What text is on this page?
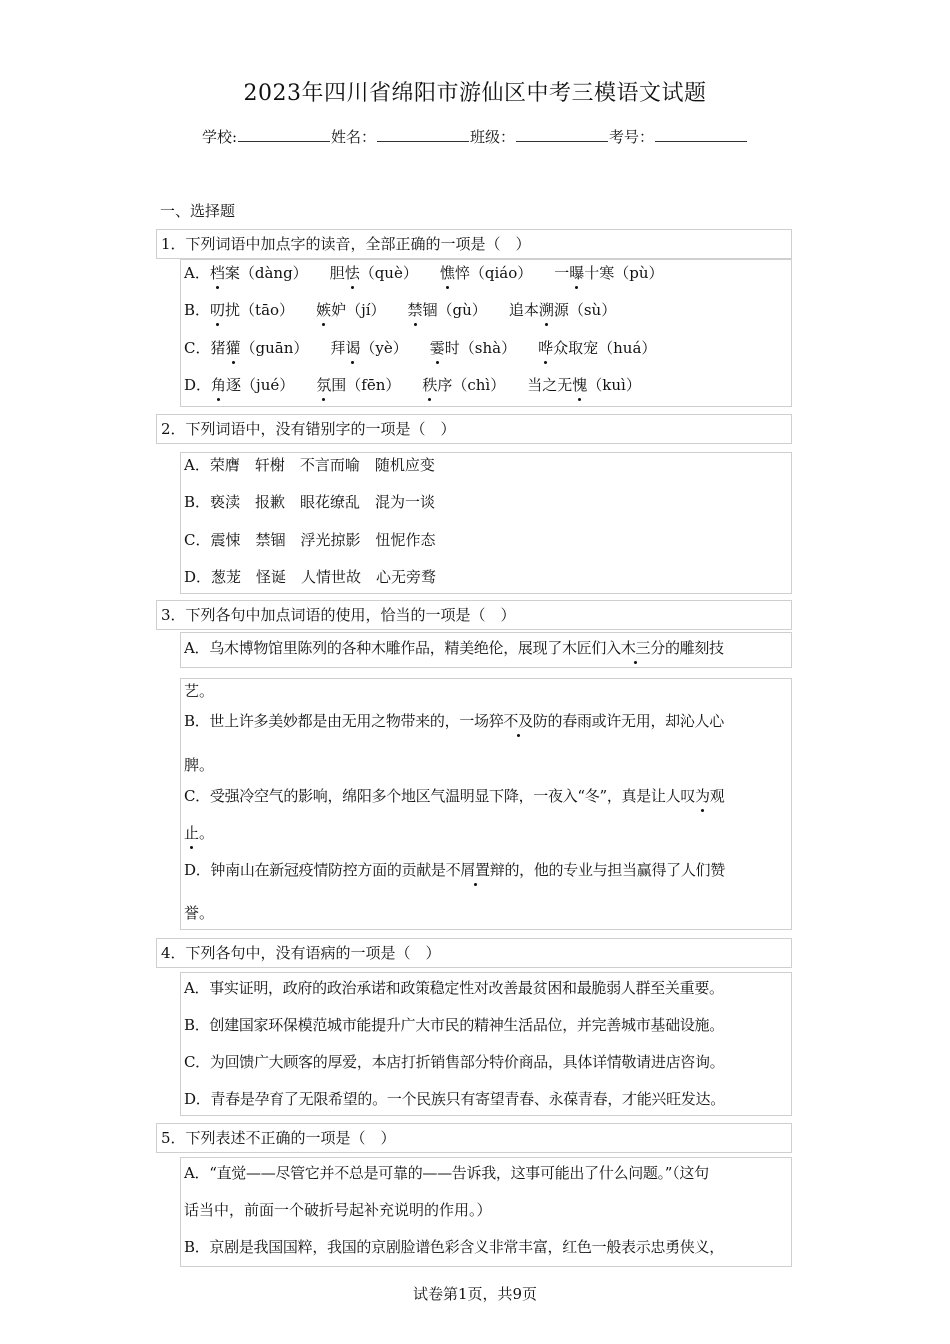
2023年四川省绵阳市游仙区中考三模语文试题
学校:	姓名：	班级：	考号：
一、选择题
1．下列词语中加点字的读音，全部正确的一项是（　）
A．档案（dàng） 胆怯（què） 憔悴（qiáo） 一曝十寒（pù）
B．叨扰（tāo） 嫉妒（jí） 禁锢（gù） 追本溯源（sù）
C．猪獾（guān） 拜谒（yè） 霎时（shà） 哗众取宠（huá）
D．角逐（jué） 氛围（fēn） 秩序（chì） 当之无愧（kuì）
2．下列词语中，没有错别字的一项是（　）
A．荣膺　轩榭　不言而喻　随机应变
B．亵渎　报歉　眼花缭乱　混为一谈
C．震悚　禁锢　浮光掠影　忸怩作态
D．葱茏　怪诞　人情世故　心无旁骛
3．下列各句中加点词语的使用，恰当的一项是（　）
A．乌木博物馆里陈列的各种木雕作品，精美绝伦，展现了木匠们入木三分的雕刻技
艺。
B．世上许多美妙都是由无用之物带来的，一场猝不及防的春雨或许无用，却沁人心
脾。
C．受强冷空气的影响，绵阳多个地区气温明显下降，一夜入“冬”，真是让人叹为观
止。
D．钟南山在新冠疫情防控方面的贡献是不屑置辩的，他的专业与担当赢得了人们赞
誉。
4．下列各句中，没有语病的一项是（　）
A．事实证明，政府的政治承诺和政策稳定性对改善最贫困和最脆弱人群至关重要。
B．创建国家环保模范城市能提升广大市民的精神生活品位，并完善城市基础设施。
C．为回馈广大顾客的厚爱，本店打折销售部分特价商品，具体详情敬请进店咨询。
D．青春是孕育了无限希望的。一个民族只有寄望青春、永葆青春，才能兴旺发达。
5．下列表述不正确的一项是（　）
A．“直觉——尽管它并不总是可靠的——告诉我，这事可能出了什么问题。”（这句
话当中，前面一个破折号起补充说明的作用。）
B．京剧是我国国粹，我国的京剧脸谱色彩含义非常丰富，红色一般表示忠勇侠义，
试卷第1页，共9页
